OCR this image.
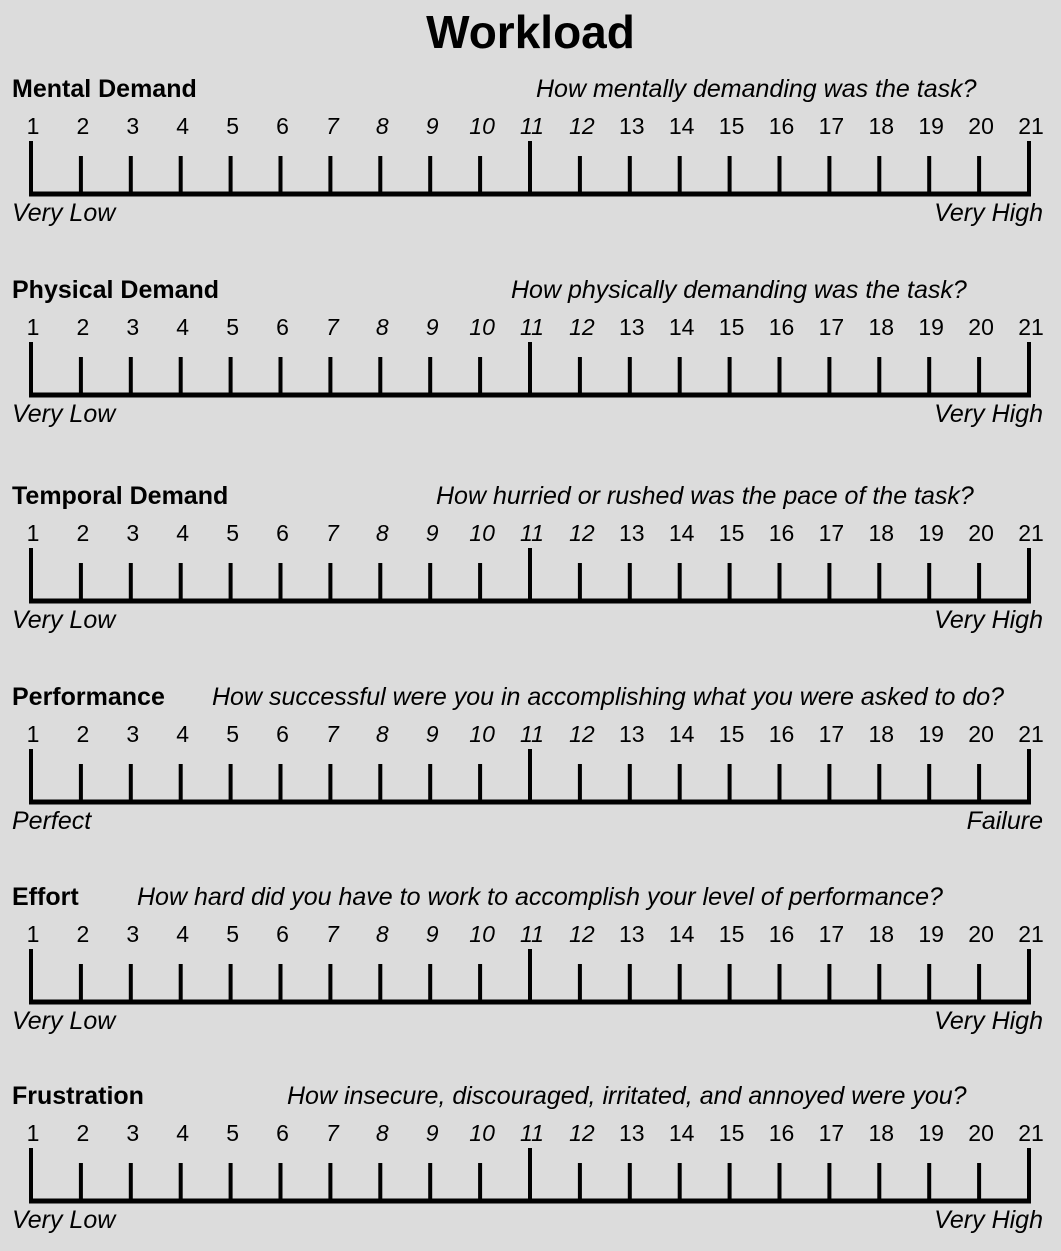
Workload
Mental Demand	How mentally demanding was the task?
1	2	3	4	5	6	7	8	9	10	11	12	13	14	15	16	17	18	19	20	21
Very Low	Very High
Physical Demand	How physically demanding was the task?
1	2	3	4	5	6	7	8	9	10	11	12	13	14	15	16	17	18	19	20	21
Very Low	Very High
Temporal Demand	How hurried or rushed was the pace of the task?
1	2	3	4	5	6	7	8	9	10	11	12	13	14	15	16	17	18	19	20	21
Very Low	Very High
Performance How successful were you in accomplishing what you were asked to do?
1	2	3	4	5	6	7	8	9	10	11	12	13	14	15	16	17	18	19	20	21
Perfect	Failure
Effort How hard did you have to work to accomplish your level of performance?
1	2	3	4	5	6	7	8	9	10	11	12	13	14	15	16	17	18	19	20	21
Very Low	Very High
Frustration	How insecure, discouraged, irritated, and annoyed were you?
1	2	3	4	5	6	7	8	9	10	11	12	13	14	15	16	17	18	19	20	21
Very Low	Very High
